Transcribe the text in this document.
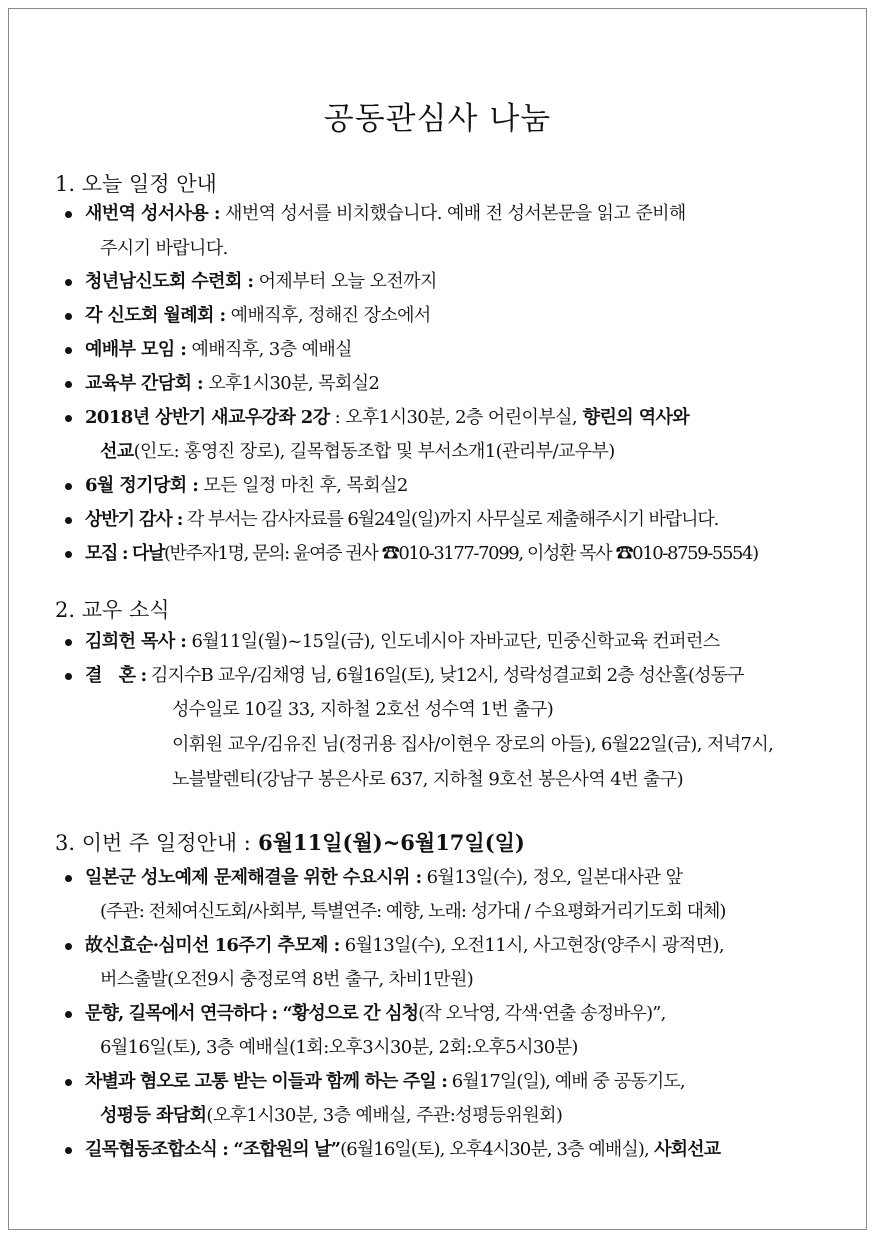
공동관심사 나눔
1. 오늘 일정 안내
새번역 성서사용 : 새번역 성서를 비치했습니다. 예배 전 성서본문을 읽고 준비해
주시기 바랍니다.
청년남신도회 수련회 : 어제부터 오늘 오전까지
각 신도회 월례회 : 예배직후, 정해진 장소에서
예배부 모임 : 예배직후, 3층 예배실
교육부 간담회 : 오후1시30분, 목회실2
2018년 상반기 새교우강좌 2강 : 오후1시30분, 2층 어린이부실, 향린의 역사와
선교(인도: 홍영진 장로), 길목협동조합 및 부서소개1(관리부/교우부)
6월 정기당회 : 모든 일정 마친 후, 목회실2
상반기 감사 : 각 부서는 감사자료를 6월24일(일)까지 사무실로 제출해주시기 바랍니다.
모집 : 다날(반주자1명, 문의: 윤여증 권사 ☎010-3177-7099, 이성환 목사 ☎010-8759-5554)
2. 교우 소식
김희헌 목사 : 6월11일(월)~15일(금), 인도네시아 자바교단, 민중신학교육 컨퍼런스
결　혼 : 김지수B 교우/김채영 님, 6월16일(토), 낮12시, 성락성결교회 2층 성산홀(성동구
성수일로 10길 33, 지하철 2호선 성수역 1번 출구)
이휘원 교우/김유진 님(정귀용 집사/이현우 장로의 아들), 6월22일(금), 저녁7시,
노블발렌티(강남구 봉은사로 637, 지하철 9호선 봉은사역 4번 출구)
3. 이번 주 일정안내 : 6월11일(월)~6월17일(일)
일본군 성노예제 문제해결을 위한 수요시위 : 6월13일(수), 정오, 일본대사관 앞
(주관: 전체여신도회/사회부, 특별연주: 예향, 노래: 성가대 / 수요평화거리기도회 대체)
故신효순·심미선 16주기 추모제 : 6월13일(수), 오전11시, 사고현장(양주시 광적면),
버스출발(오전9시 충정로역 8번 출구, 차비1만원)
문향, 길목에서 연극하다 : “황성으로 간 심청(작 오낙영, 각색·연출 송정바우)”,
6월16일(토), 3층 예배실(1회:오후3시30분, 2회:오후5시30분)
차별과 혐오로 고통 받는 이들과 함께 하는 주일 : 6월17일(일), 예배 중 공동기도,
성평등 좌담회(오후1시30분, 3층 예배실, 주관:성평등위원회)
길목협동조합소식 : “조합원의 날”(6월16일(토), 오후4시30분, 3층 예배실), 사회선교
